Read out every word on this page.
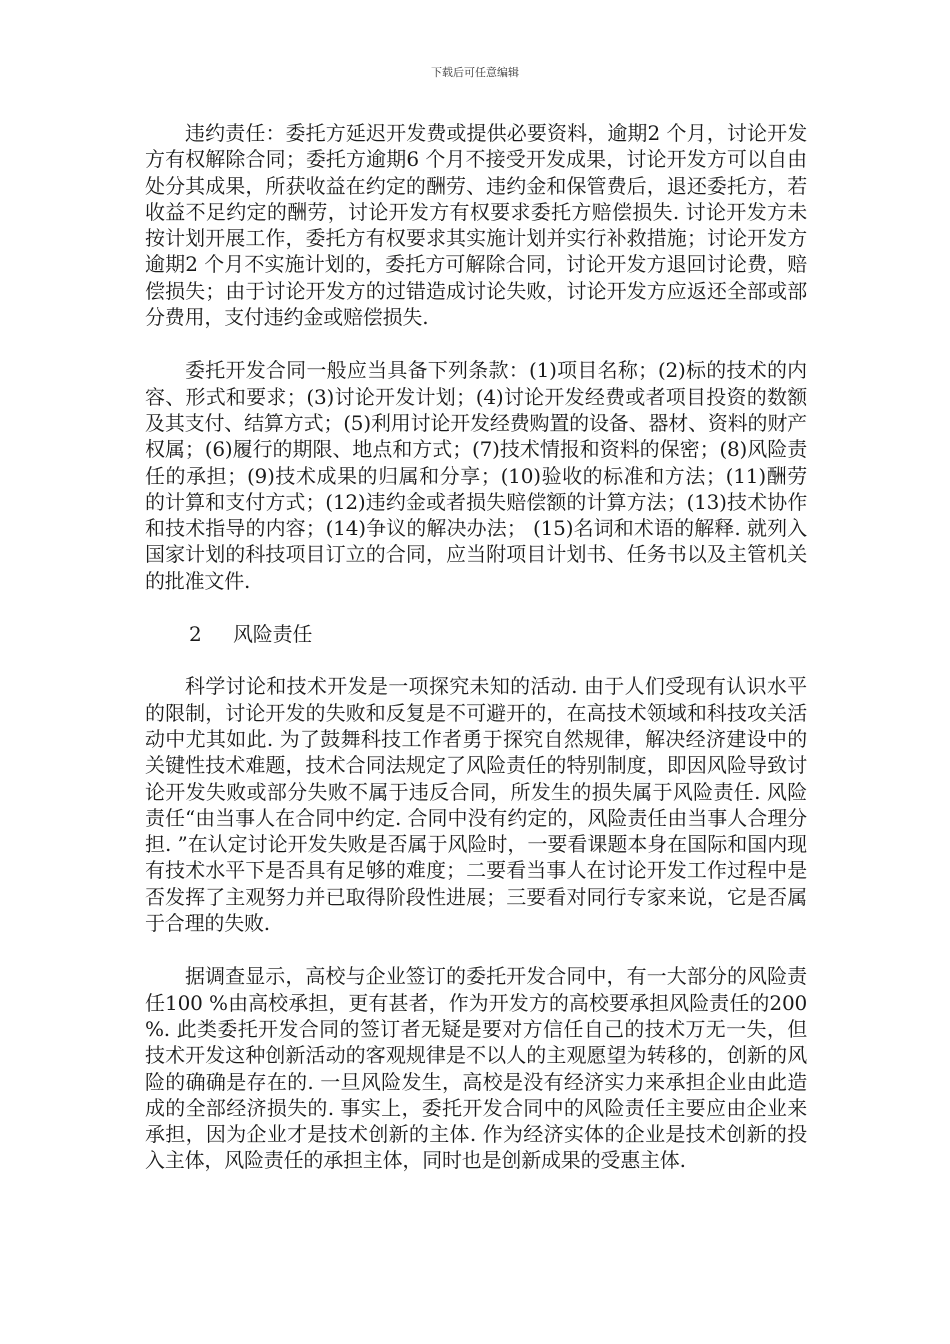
下载后可任意编辑

违约责任：委托方延迟开发费或提供必要资料，逾期2 个月，讨论开发方有权解除合同；委托方逾期6 个月不接受开发成果，讨论开发方可以自由处分其成果，所获收益在约定的酬劳、违约金和保管费后，退还委托方，若收益不足约定的酬劳，讨论开发方有权要求委托方赔偿损失. 讨论开发方未按计划开展工作，委托方有权要求其实施计划并实行补救措施；讨论开发方逾期2 个月不实施计划的，委托方可解除合同，讨论开发方退回讨论费，赔偿损失；由于讨论开发方的过错造成讨论失败，讨论开发方应返还全部或部分费用，支付违约金或赔偿损失.

委托开发合同一般应当具备下列条款：(1)项目名称；(2)标的技术的内容、形式和要求；(3)讨论开发计划；(4)讨论开发经费或者项目投资的数额及其支付、结算方式；(5)利用讨论开发经费购置的设备、器材、资料的财产权属；(6)履行的期限、地点和方式；(7)技术情报和资料的保密；(8)风险责任的承担；(9)技术成果的归属和分享；(10)验收的标准和方法；(11)酬劳的计算和支付方式；(12)违约金或者损失赔偿额的计算方法；(13)技术协作和技术指导的内容；(14)争议的解决办法； (15)名词和术语的解释. 就列入国家计划的科技项目订立的合同，应当附项目计划书、任务书以及主管机关的批准文件.

2 风险责任

科学讨论和技术开发是一项探究未知的活动. 由于人们受现有认识水平的限制，讨论开发的失败和反复是不可避开的，在高技术领域和科技攻关活动中尤其如此. 为了鼓舞科技工作者勇于探究自然规律，解决经济建设中的关键性技术难题，技术合同法规定了风险责任的特别制度，即因风险导致讨论开发失败或部分失败不属于违反合同，所发生的损失属于风险责任. 风险责任“由当事人在合同中约定. 合同中没有约定的，风险责任由当事人合理分担. ”在认定讨论开发失败是否属于风险时，一要看课题本身在国际和国内现有技术水平下是否具有足够的难度；二要看当事人在讨论开发工作过程中是否发挥了主观努力并已取得阶段性进展；三要看对同行专家来说，它是否属于合理的失败.

据调查显示，高校与企业签订的委托开发合同中，有一大部分的风险责任100 %由高校承担，更有甚者，作为开发方的高校要承担风险责任的200 %. 此类委托开发合同的签订者无疑是要对方信任自己的技术万无一失，但技术开发这种创新活动的客观规律是不以人的主观愿望为转移的，创新的风险的确确是存在的. 一旦风险发生，高校是没有经济实力来承担企业由此造成的全部经济损失的. 事实上，委托开发合同中的风险责任主要应由企业来承担，因为企业才是技术创新的主体. 作为经济实体的企业是技术创新的投入主体，风险责任的承担主体，同时也是创新成果的受惠主体.
